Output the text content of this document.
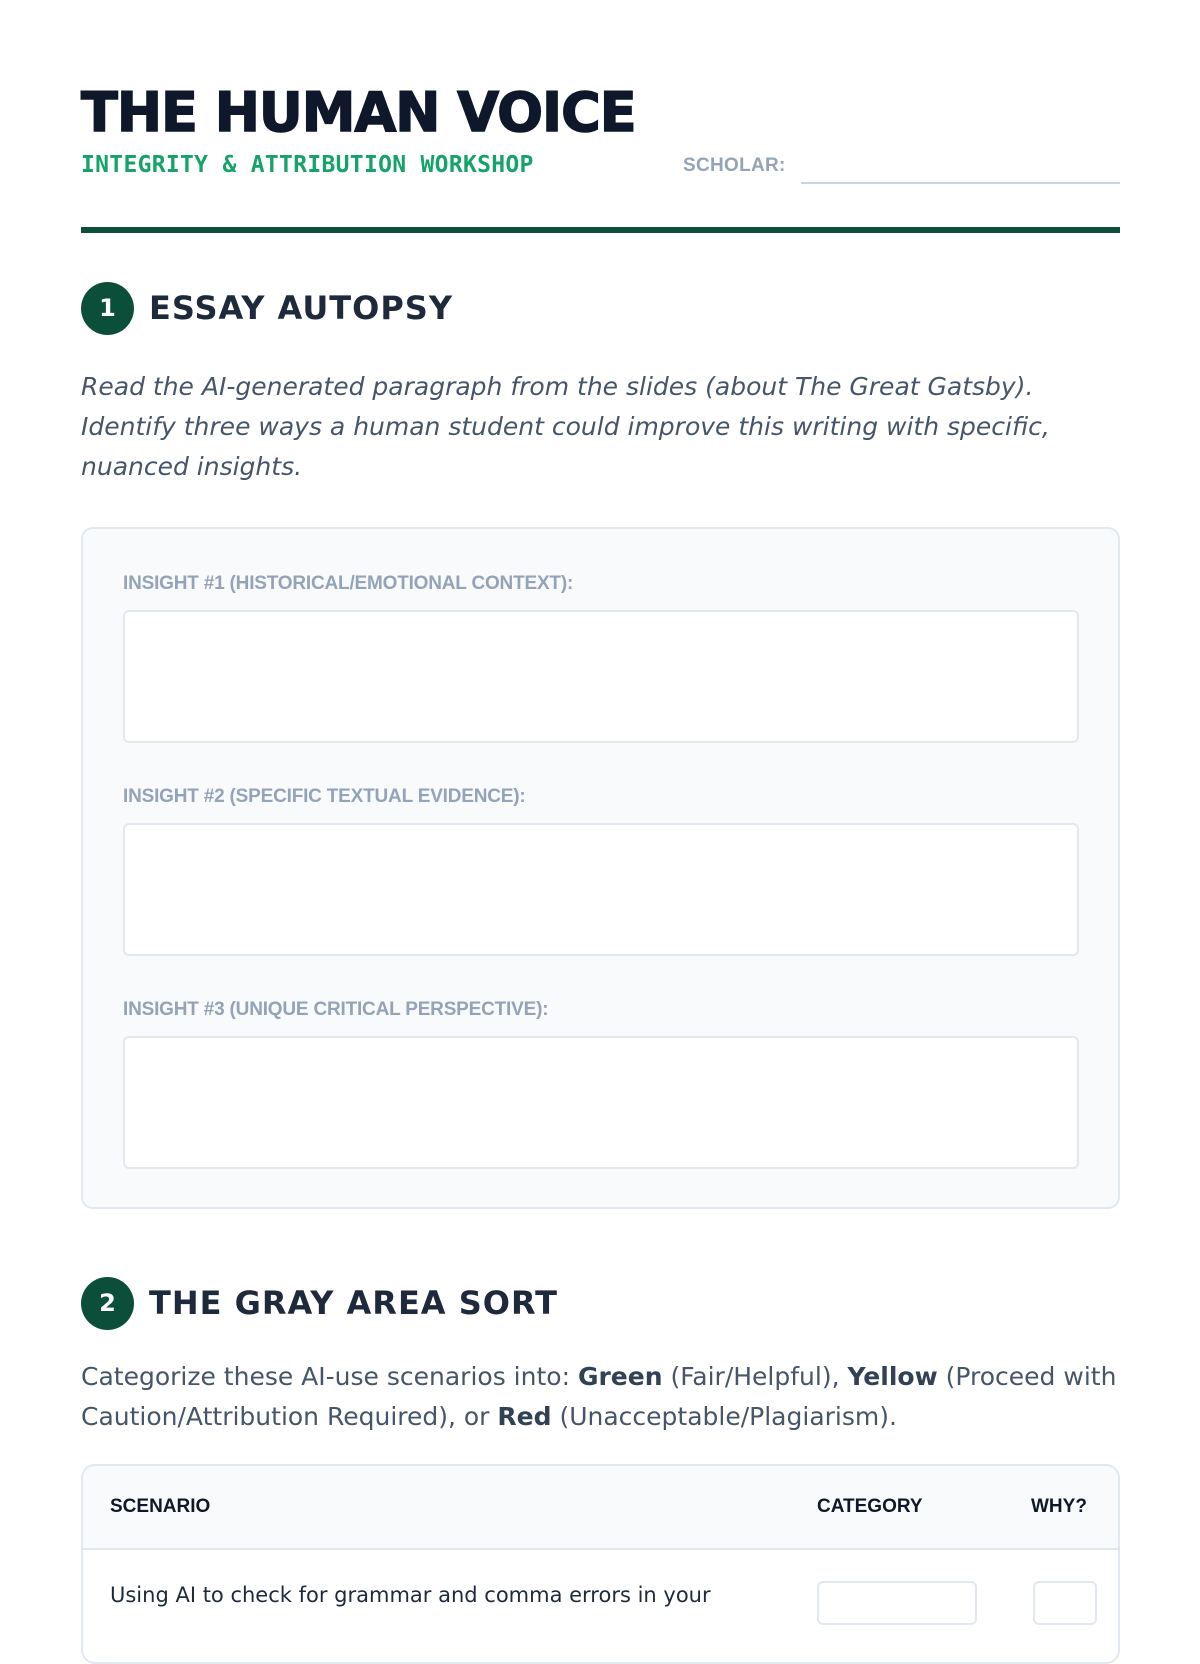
THE HUMAN VOICE
INTEGRITY & ATTRIBUTION WORKSHOP	SCHOLAR:
1	ESSAY AUTOPSY

Read the AI-generated paragraph from the slides (about The Great Gatsby). Identify three ways a human student could improve this writing with specific, nuanced insights.

INSIGHT #1 (HISTORICAL/EMOTIONAL CONTEXT):
INSIGHT #2 (SPECIFIC TEXTUAL EVIDENCE):
INSIGHT #3 (UNIQUE CRITICAL PERSPECTIVE):
2	THE GRAY AREA SORT

Categorize these AI-use scenarios into: Green (Fair/Helpful), Yellow (Proceed with Caution/Attribution Required), or Red (Unacceptable/Plagiarism).

SCENARIO	CATEGORY	WHY?

Using AI to check for grammar and comma errors in your
